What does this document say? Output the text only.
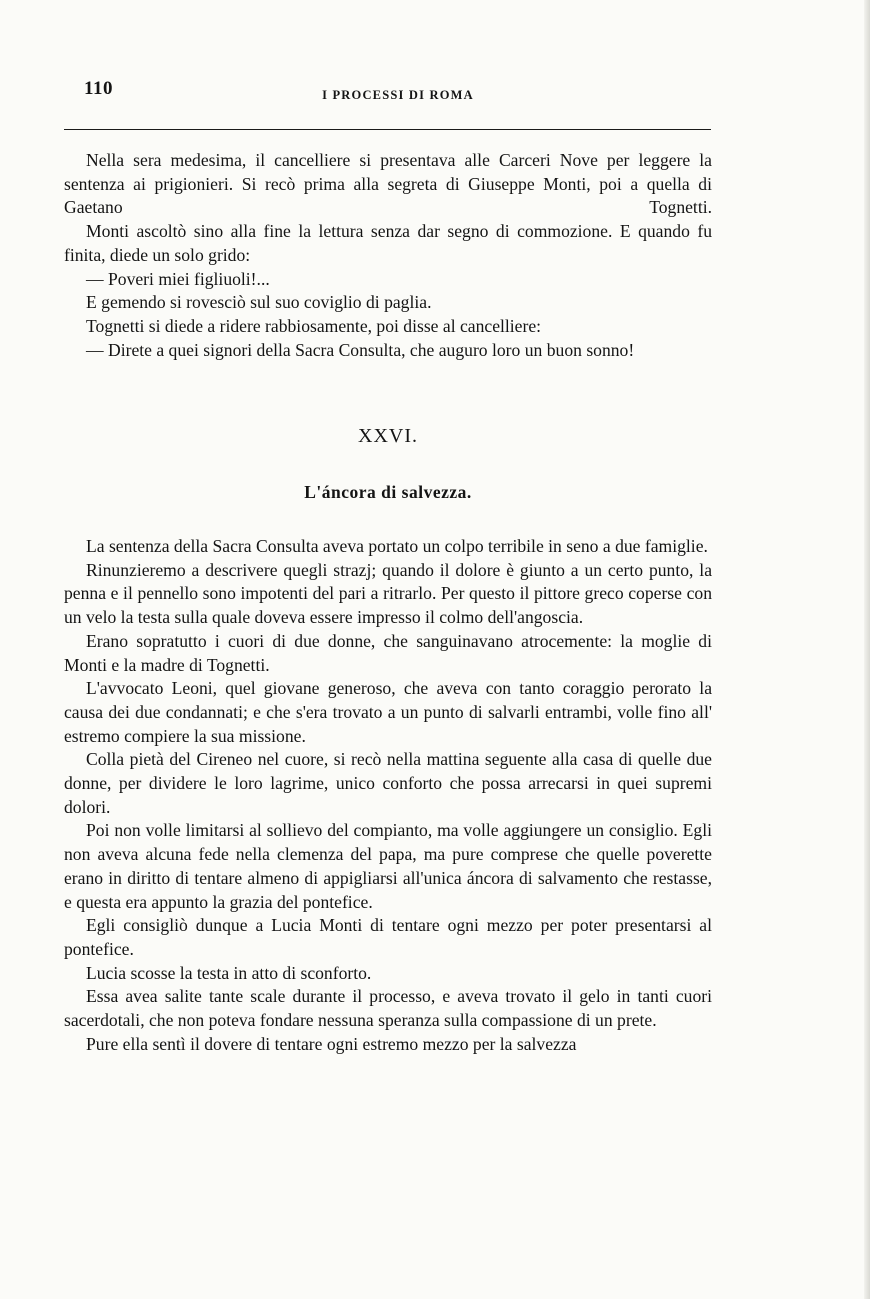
110	I PROCESSI DI ROMA

Nella sera medesima, il cancelliere si presentava alle Carceri Nove per leggere la sentenza ai prigionieri. Si recò prima alla segreta di Giuseppe Monti, poi a quella di Gaetano Tognetti.

Monti ascoltò sino alla fine la lettura senza dar segno di commozione. E quando fu finita, diede un solo grido:

— Poveri miei figliuoli!...

E gemendo si rovesciò sul suo coviglio di paglia.

Tognetti si diede a ridere rabbiosamente, poi disse al cancelliere:

— Direte a quei signori della Sacra Consulta, che auguro loro un buon sonno!

XXVI.
L'áncora di salvezza.

La sentenza della Sacra Consulta aveva portato un colpo terribile in seno a due famiglie.

Rinunzieremo a descrivere quegli strazj; quando il dolore è giunto a un certo punto, la penna e il pennello sono impotenti del pari a ritrarlo. Per questo il pittore greco coperse con un velo la testa sulla quale doveva essere impresso il colmo dell'angoscia.

Erano sopratutto i cuori di due donne, che sanguinavano atrocemente: la moglie di Monti e la madre di Tognetti.

L'avvocato Leoni, quel giovane generoso, che aveva con tanto coraggio perorato la causa dei due condannati; e che s'era trovato a un punto di salvarli entrambi, volle fino all' estremo compiere la sua missione.

Colla pietà del Cireneo nel cuore, si recò nella mattina seguente alla casa di quelle due donne, per dividere le loro lagrime, unico conforto che possa arrecarsi in quei supremi dolori.

Poi non volle limitarsi al sollievo del compianto, ma volle aggiungere un consiglio. Egli non aveva alcuna fede nella clemenza del papa, ma pure comprese che quelle poverette erano in diritto di tentare almeno di appigliarsi all'unica áncora di salvamento che restasse, e questa era appunto la grazia del pontefice.

Egli consigliò dunque a Lucia Monti di tentare ogni mezzo per poter presentarsi al pontefice.

Lucia scosse la testa in atto di sconforto.

Essa avea salite tante scale durante il processo, e aveva trovato il gelo in tanti cuori sacerdotali, che non poteva fondare nessuna speranza sulla compassione di un prete.

Pure ella sentì il dovere di tentare ogni estremo mezzo per la salvezza
